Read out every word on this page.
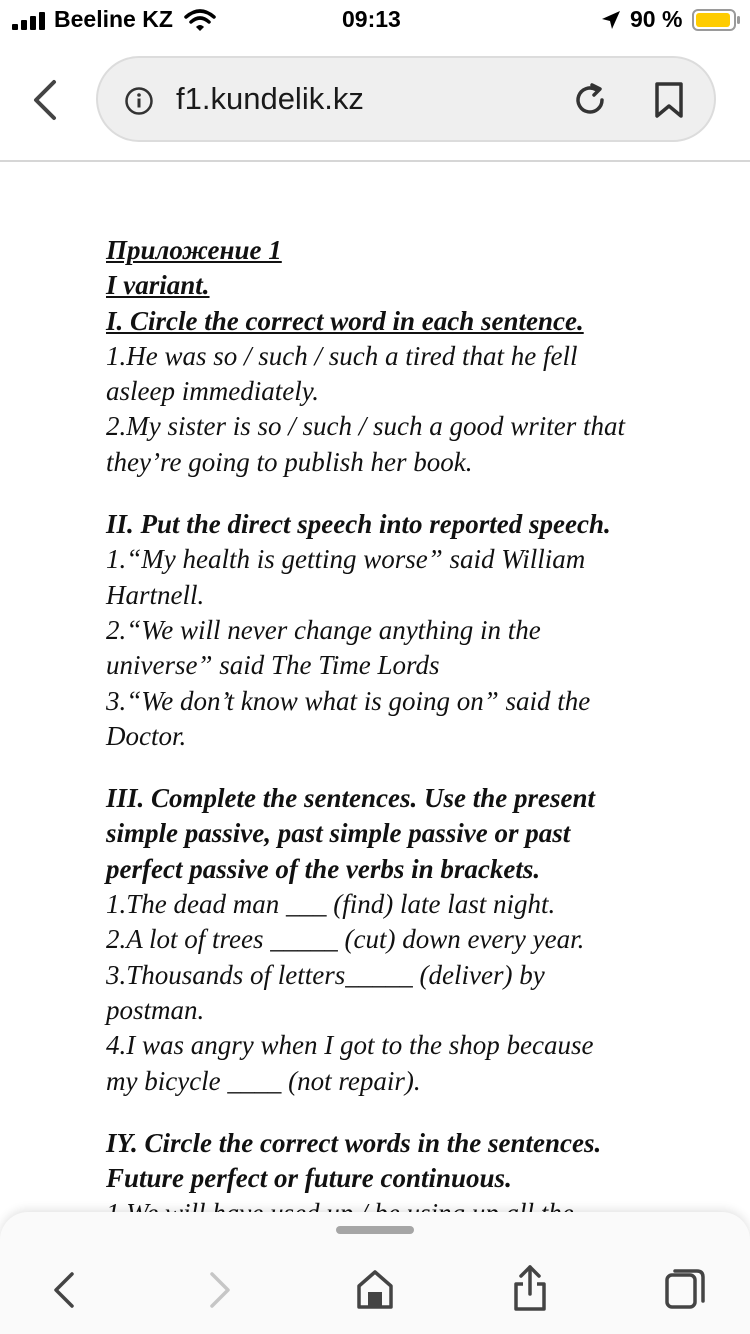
Beeline KZ	09:13	90 %
f1.kundelik.kz

Приложение 1

I variant.

I. Circle the correct word in each sentence.

1.He was so / such / such a tired that he fell

asleep immediately.

2.My sister is so / such / such a good writer that

they’re going to publish her book.

II. Put the direct speech into reported speech.

1.“My health is getting worse” said William

Hartnell.

2.“We will never change anything in the

universe” said The Time Lords

3.“We don’t know what is going on” said the

Doctor.

III. Complete the sentences. Use the present

simple passive, past simple passive or past

perfect passive of the verbs in brackets.

1.The dead man ___ (find) late last night.

2.A lot of trees _____ (cut) down every year.

3.Thousands of letters_____ (deliver) by

postman.

4.I was angry when I got to the shop because

my bicycle ____ (not repair).

IY. Circle the correct words in the sentences.

Future perfect or future continuous.
